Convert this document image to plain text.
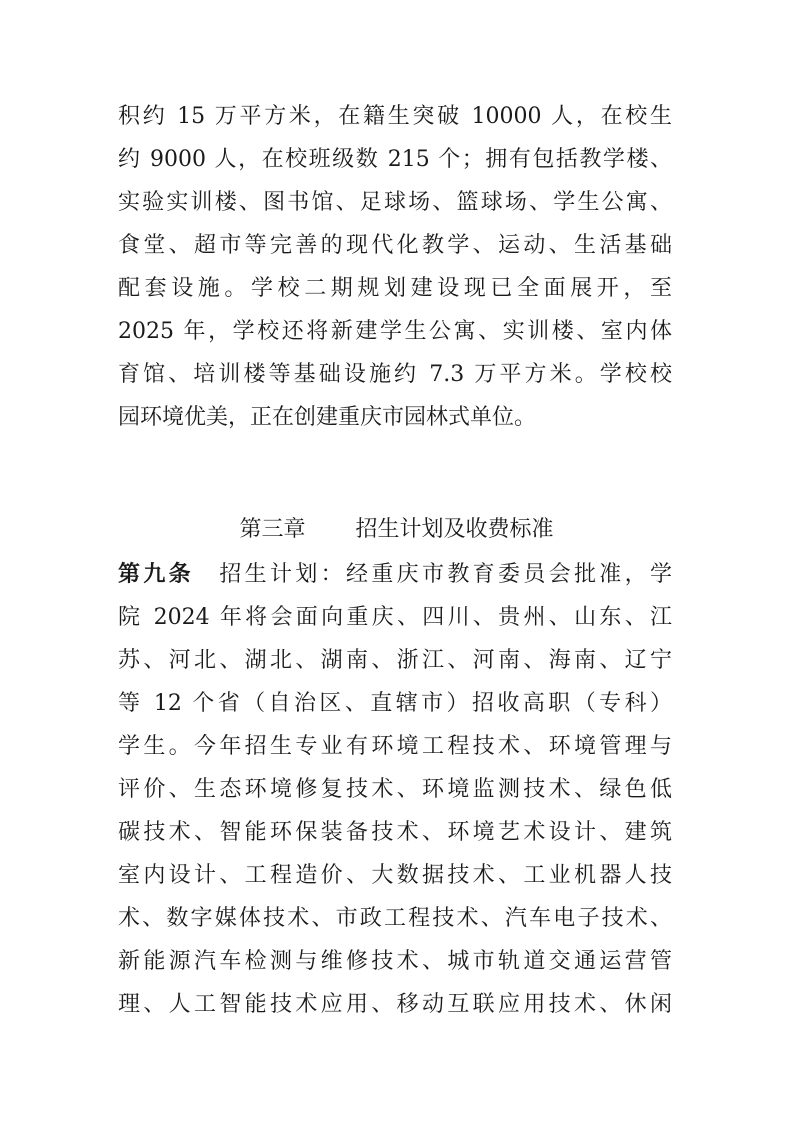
积约 15 万平方米，在籍生突破 10000 人，在校生
约 9000 人，在校班级数 215 个；拥有包括教学楼、
实验实训楼、图书馆、足球场、篮球场、学生公寓、
食堂、超市等完善的现代化教学、运动、生活基础
配套设施。学校二期规划建设现已全面展开，至
2025 年，学校还将新建学生公寓、实训楼、室内体
育馆、培训楼等基础设施约 7.3 万平方米。学校校
园环境优美，正在创建重庆市园林式单位。
第三章 招生计划及收费标准
第九条 招生计划：经重庆市教育委员会批准，学
院 2024 年将会面向重庆、四川、贵州、山东、江
苏、河北、湖北、湖南、浙江、河南、海南、辽宁
等 12 个省（自治区、直辖市）招收高职（专科）
学生。今年招生专业有环境工程技术、环境管理与
评价、生态环境修复技术、环境监测技术、绿色低
碳技术、智能环保装备技术、环境艺术设计、建筑
室内设计、工程造价、大数据技术、工业机器人技
术、数字媒体技术、市政工程技术、汽车电子技术、
新能源汽车检测与维修技术、城市轨道交通运营管
理、人工智能技术应用、移动互联应用技术、休闲
